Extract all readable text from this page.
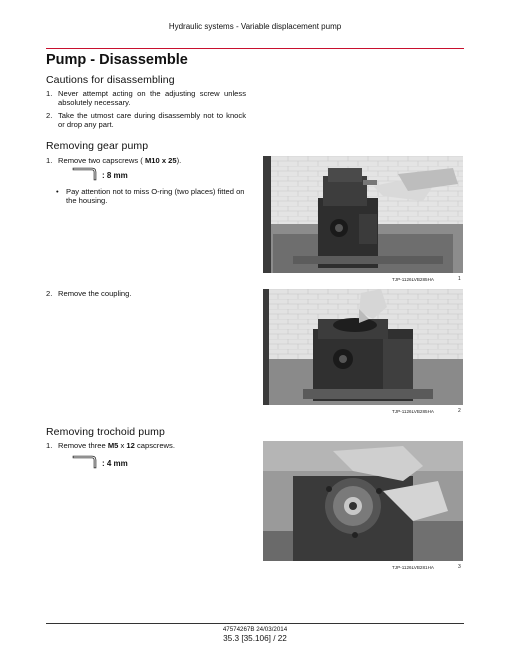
Hydraulic systems - Variable displacement pump
Pump - Disassemble
Cautions for disassembling
1. Never attempt acting on the adjusting screw unless absolutely necessary.
2. Take the utmost care during disassembly not to knock or drop any part.
Removing gear pump
1. Remove two capscrews ( M10 x 25).
: 8 mm
• Pay attention not to miss O-ring (two places) fitted on the housing.
TJP-1126LVB285HA	1
2. Remove the coupling.
TJP-1126LVB285HA	2
Removing trochoid pump
1. Remove three M5 x 12 capscrews.
: 4 mm
TJP-1126LVB281HA	3
47574267B 24/03/2014
35.3 [35.106] / 22
